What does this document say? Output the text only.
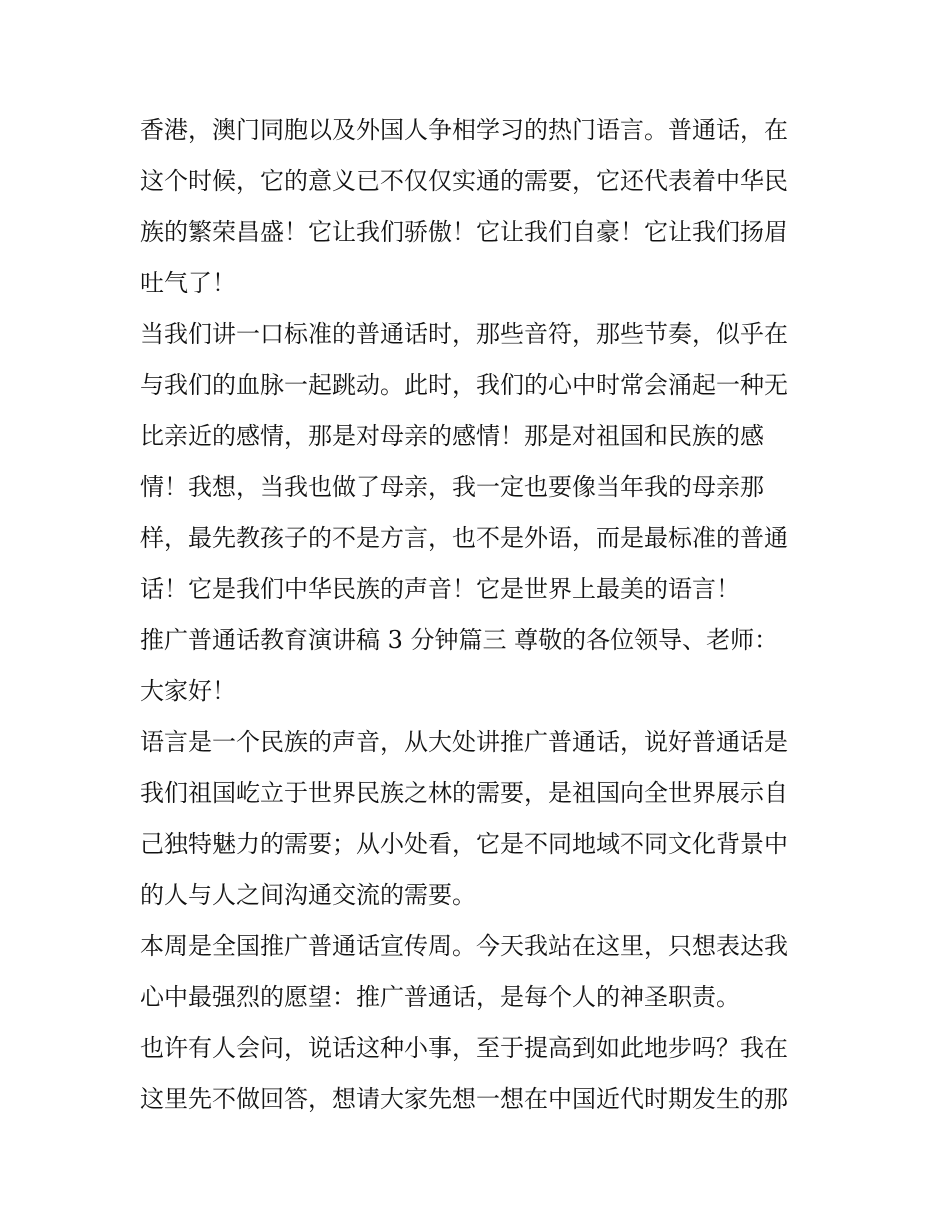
香港，澳门同胞以及外国人争相学习的热门语言。普通话，在
这个时候，它的意义已不仅仅实通的需要，它还代表着中华民
族的繁荣昌盛！它让我们骄傲！它让我们自豪！它让我们扬眉
吐气了！
当我们讲一口标准的普通话时，那些音符，那些节奏，似乎在
与我们的血脉一起跳动。此时，我们的心中时常会涌起一种无
比亲近的感情，那是对母亲的感情！那是对祖国和民族的感
情！我想，当我也做了母亲，我一定也要像当年我的母亲那
样，最先教孩子的不是方言，也不是外语，而是最标准的普通
话！它是我们中华民族的声音！它是世界上最美的语言！
推广普通话教育演讲稿 3 分钟篇三 尊敬的各位领导、老师：
大家好！
语言是一个民族的声音，从大处讲推广普通话，说好普通话是
我们祖国屹立于世界民族之林的需要，是祖国向全世界展示自
己独特魅力的需要；从小处看，它是不同地域不同文化背景中
的人与人之间沟通交流的需要。
本周是全国推广普通话宣传周。今天我站在这里，只想表达我
心中最强烈的愿望：推广普通话，是每个人的神圣职责。
也许有人会问，说话这种小事，至于提高到如此地步吗？我在
这里先不做回答，想请大家先想一想在中国近代时期发生的那
